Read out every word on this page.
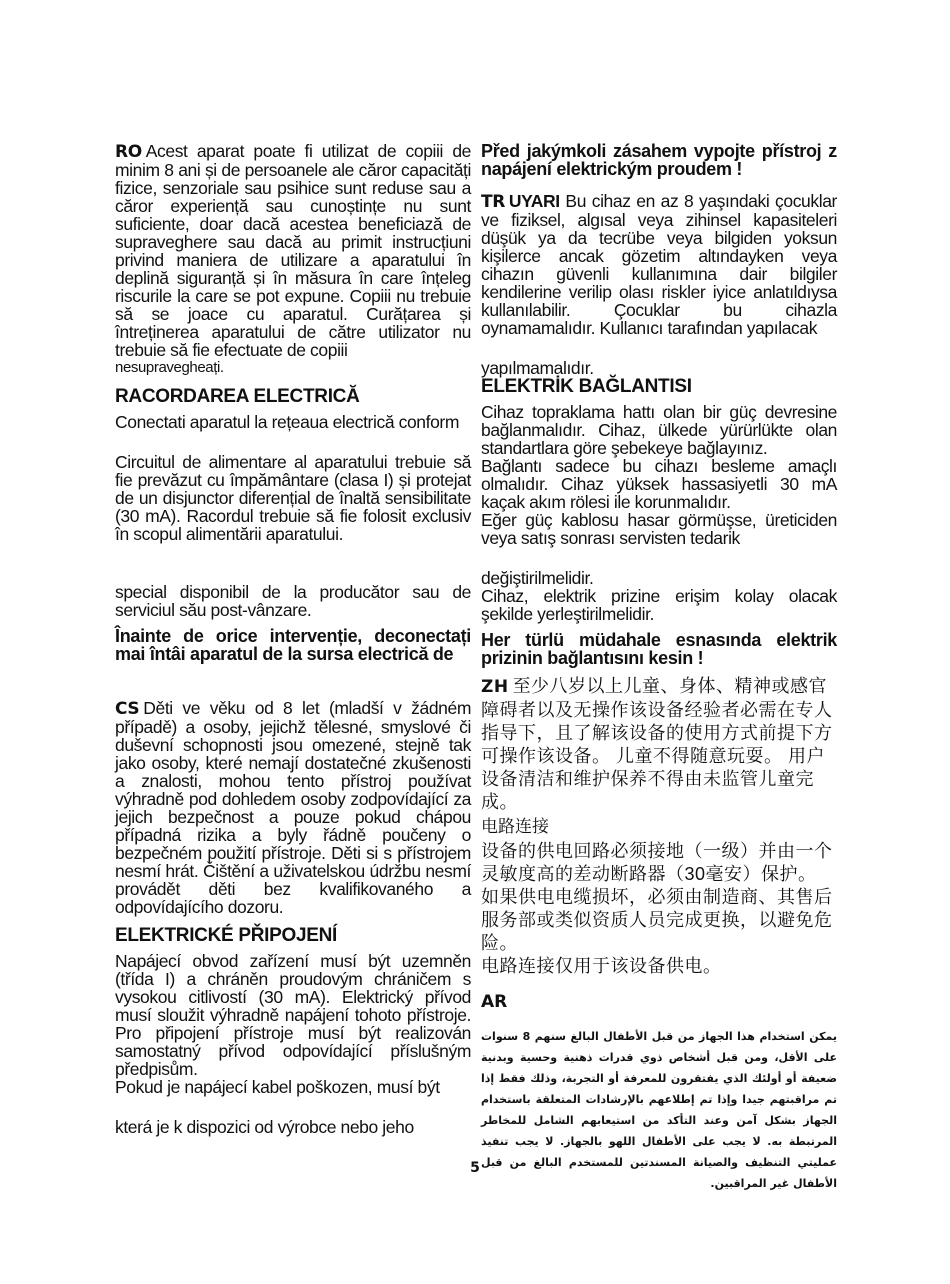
RO Acest aparat poate fi utilizat de copiii de minim 8 ani și de persoanele ale căror capacități fizice, senzoriale sau psihice sunt reduse sau a căror experiență sau cunoștințe nu sunt suficiente, doar dacă acestea beneficiază de supraveghere sau dacă au primit instrucțiuni privind maniera de utilizare a aparatului în deplină siguranță și în măsura în care înțeleg riscurile la care se pot expune. Copiii nu trebuie să se joace cu aparatul. Curățarea și întreținerea aparatului de către utilizator nu trebuie să fie efectuate de copiii

nesupravegheați.

RACORDAREA ELECTRICĂ

Conectati aparatul la rețeaua electrică conform

Circuitul de alimentare al aparatului trebuie să fie prevăzut cu împământare (clasa I) și protejat de un disjunctor diferențial de înaltă sensibilitate (30 mA). Racordul trebuie să fie folosit exclusiv în scopul alimentării aparatului.

special disponibil de la producător sau de serviciul său post-vânzare.

Înainte de orice intervenție, deconectați mai întâi aparatul de la sursa electrică de

CS Děti ve věku od 8 let (mladší v žádném případě) a osoby, jejichž tělesné, smyslové či duševní schopnosti jsou omezené, stejně tak jako osoby, které nemají dostatečné zkušenosti a znalosti, mohou tento přístroj používat výhradně pod dohledem osoby zodpovídající za jejich bezpečnost a pouze pokud chápou případná rizika a byly řádně poučeny o bezpečném použití přístroje. Děti si s přístrojem nesmí hrát. Čištění a uživatelskou údržbu nesmí provádět děti bez kvalifikovaného a odpovídajícího dozoru.

ELEKTRICKÉ PŘIPOJENÍ

Napájecí obvod zařízení musí být uzemněn (třída I) a chráněn proudovým chráničem s vysokou citlivostí (30 mA). Elektrický přívod musí sloužit výhradně napájení tohoto přístroje. Pro připojení přístroje musí být realizován samostatný přívod odpovídající příslušným předpisům.

Pokud je napájecí kabel poškozen, musí být

která je k dispozici od výrobce nebo jeho

Před jakýmkoli zásahem vypojte přístroj z napájení elektrickým proudem !

TR UYARI Bu cihaz en az 8 yaşındaki çocuklar ve fiziksel, algısal veya zihinsel kapasiteleri düşük ya da tecrübe veya bilgiden yoksun kişilerce ancak gözetim altındayken veya cihazın güvenli kullanımına dair bilgiler kendilerine verilip olası riskler iyice anlatıldıysa kullanılabilir. Çocuklar bu cihazla oynamamalıdır. Kullanıcı tarafından yapılacak

yapılmamalıdır.

ELEKTRİK BAĞLANTISI

Cihaz topraklama hattı olan bir güç devresine bağlanmalıdır. Cihaz, ülkede yürürlükte olan standartlara göre şebekeye bağlayınız.

Bağlantı sadece bu cihazı besleme amaçlı olmalıdır. Cihaz yüksek hassasiyetli 30 mA kaçak akım rölesi ile korunmalıdır.

Eğer güç kablosu hasar görmüşse, üreticiden veya satış sonrası servisten tedarik

değiştirilmelidir.

Cihaz, elektrik prizine erişim kolay olacak şekilde yerleştirilmelidir.

Her türlü müdahale esnasında elektrik prizinin bağlantısını kesin !

ZH 至少八岁以上儿童、身体、精神或感官障碍者以及无操作该设备经验者必需在专人指导下，且了解该设备的使用方式前提下方可操作该设备。 儿童不得随意玩耍。 用户设备清洁和维护保养不得由未监管儿童完成。

电路连接

设备的供电回路必须接地（一级）并由一个灵敏度高的差动断路器（30毫安）保护。

如果供电电缆损坏，必须由制造商、其售后服务部或类似资质人员完成更换，以避免危险。

电路连接仅用于该设备供电。

AR

يمكن استخدام هذا الجهاز من قبل الأطفال البالغ سنهم 8 سنوات على الأقل، ومن قبل أشخاص ذوي قدرات ذهنية وحسية وبدنية ضعيفة أو أولئك الذي يفتقرون للمعرفة أو التجربة، وذلك فقط إذا تم مراقبتهم جيدا وإذا تم إطلاعهم بالإرشادات المتعلقة باستخدام الجهاز بشكل آمن وعند التأكد من استيعابهم الشامل للمخاطر المرتبطة به. لا يجب على الأطفال اللهو بالجهاز. لا يجب تنفيذ عمليتي التنظيف والصيانة المسندتين للمستخدم البالغ من قبل الأطفال غير المراقبين.

5
